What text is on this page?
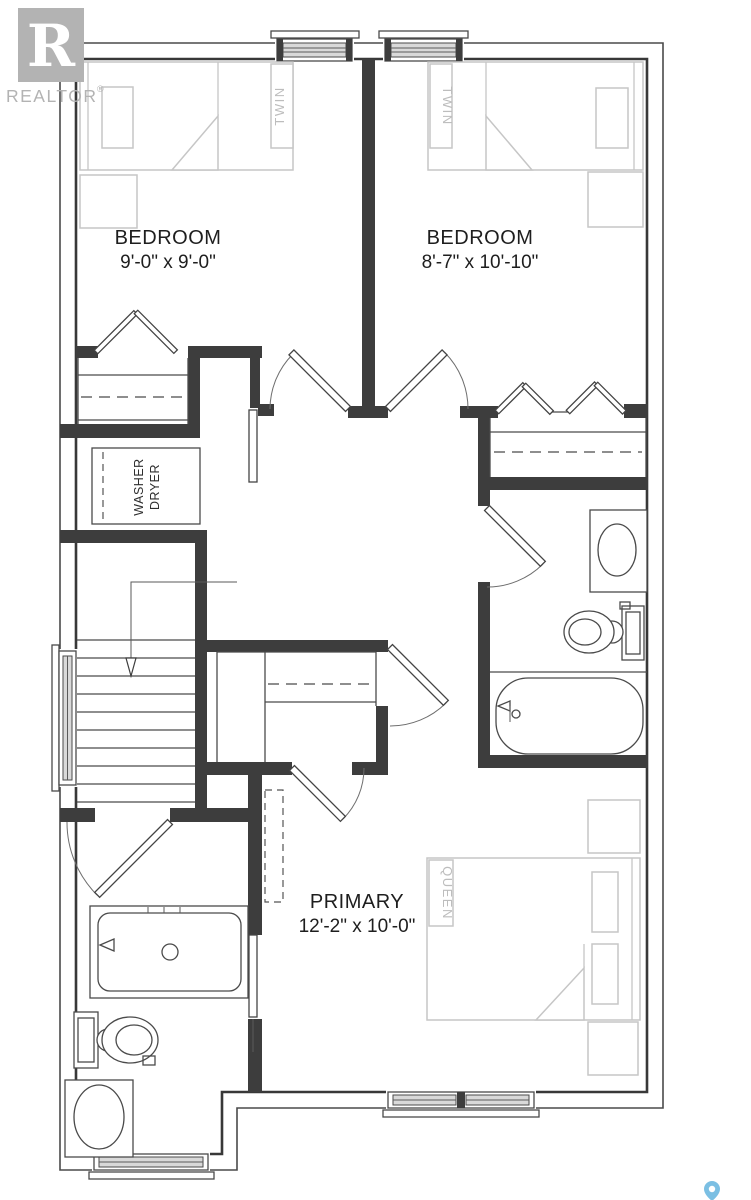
TWIN	TWIN
QUEEN
WASHER DRYER
BEDROOM
9'-0" x 9'-0"
BEDROOM
8'-7" x 10'-10"
PRIMARY
12'-2" x 10'-0"
R
REALTOR ®
